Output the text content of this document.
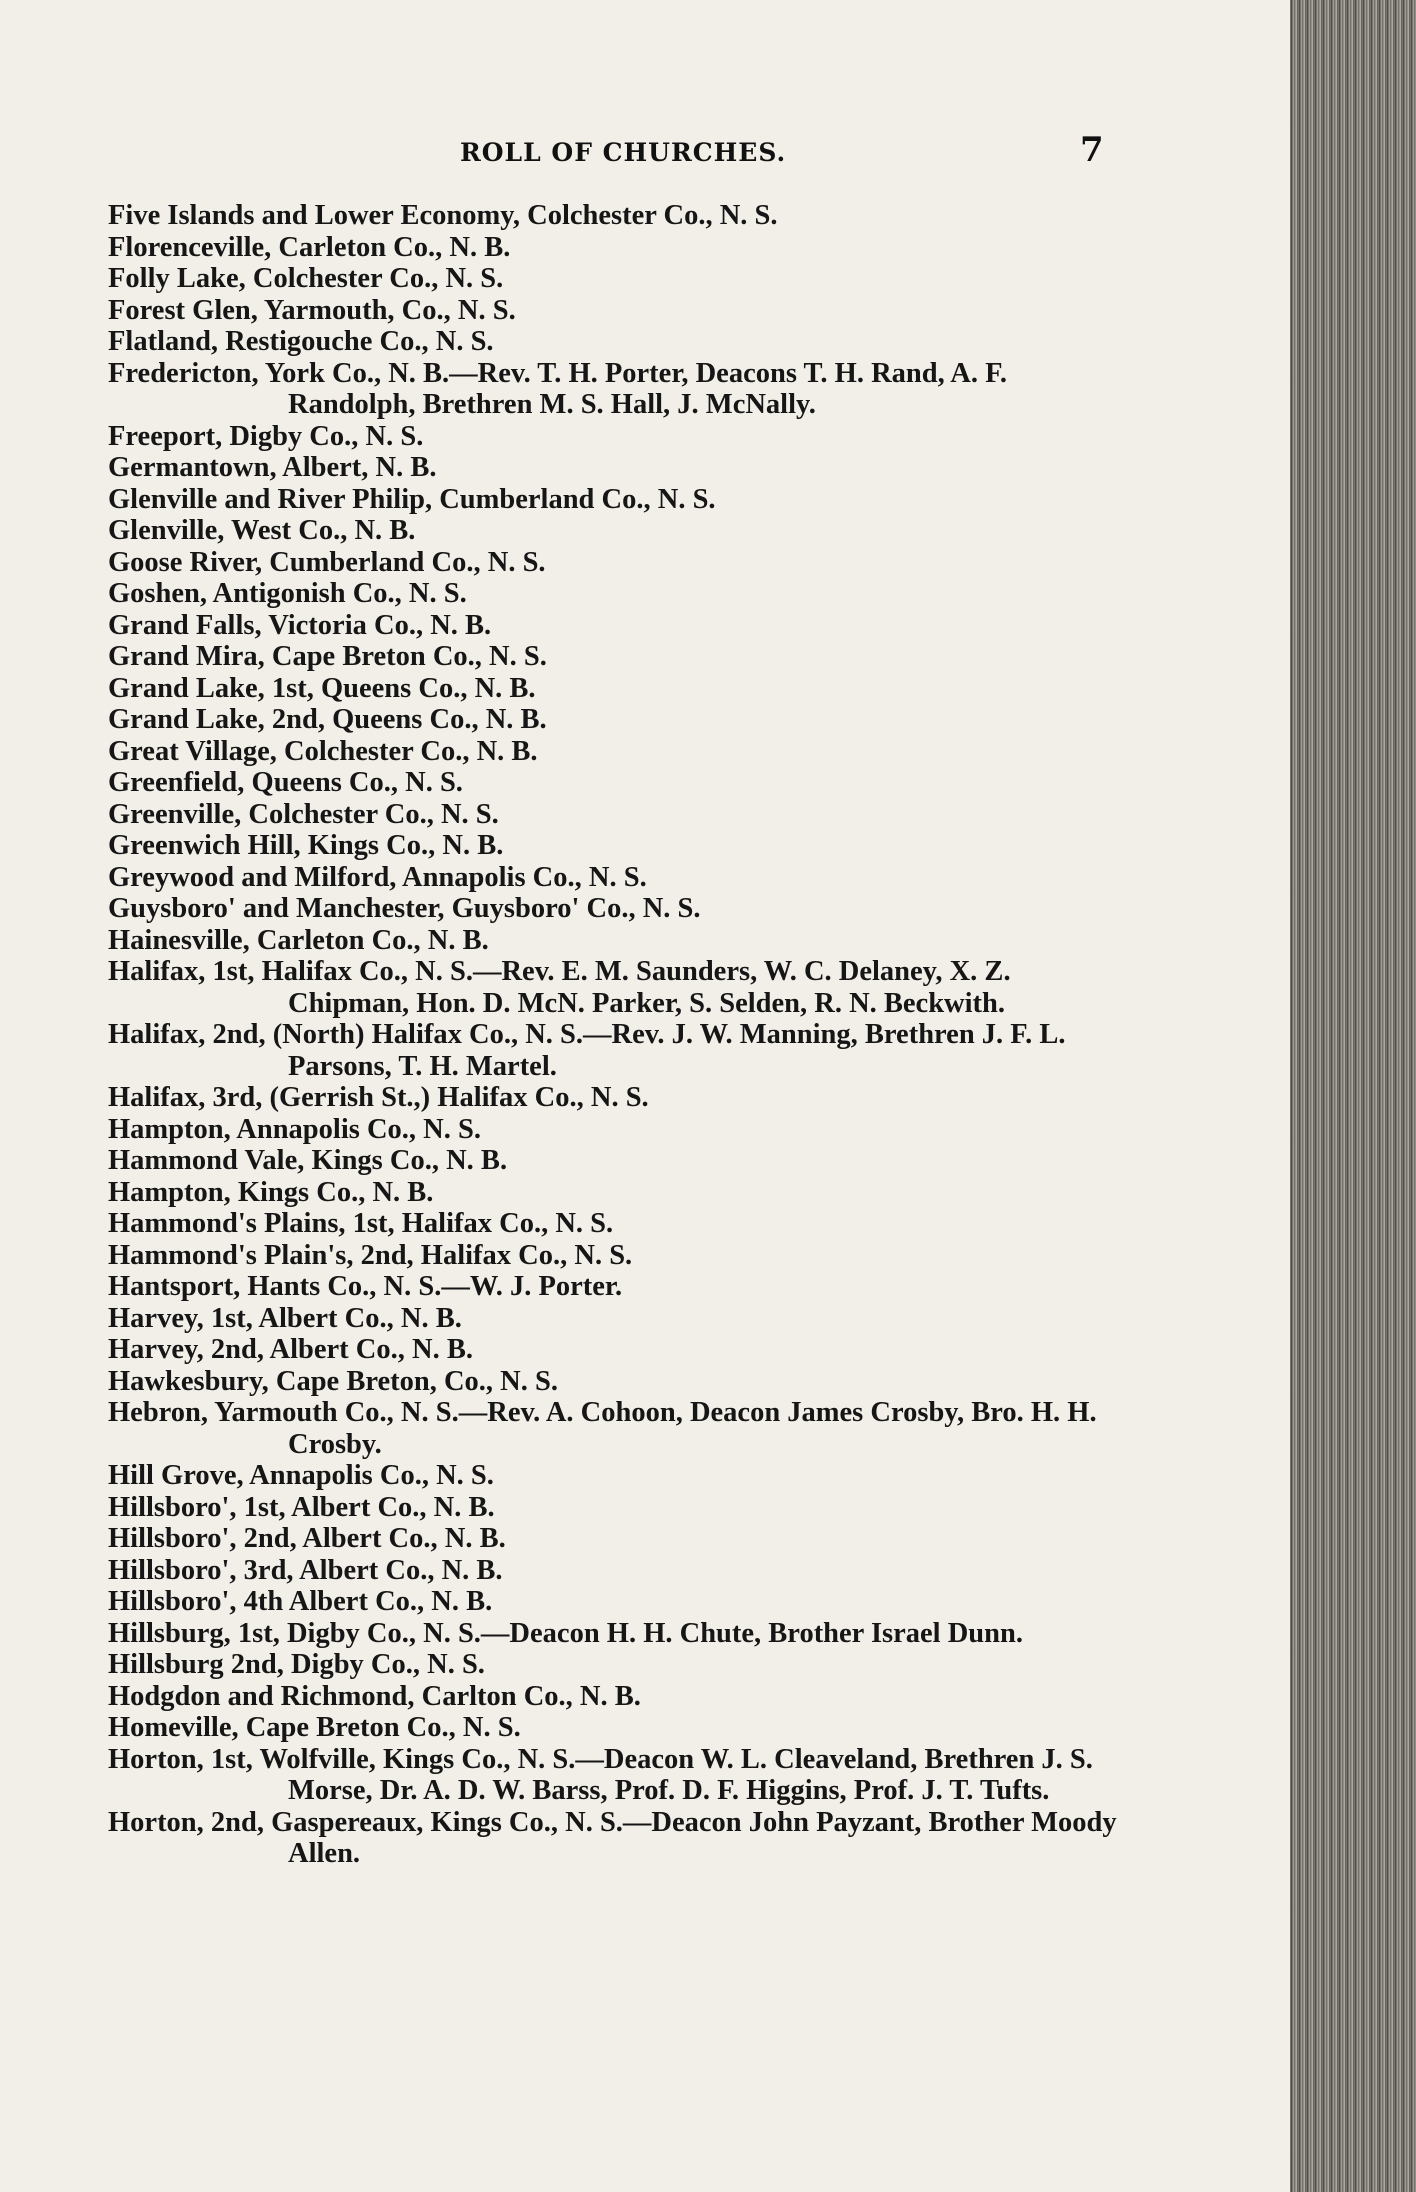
ROLL OF CHURCHES.	7

Five Islands and Lower Economy, Colchester Co., N. S.

Florenceville, Carleton Co., N. B.

Folly Lake, Colchester Co., N. S.

Forest Glen, Yarmouth, Co., N. S.

Flatland, Restigouche Co., N. S.

Fredericton, York Co., N. B.—Rev. T. H. Porter, Deacons T. H. Rand, A. F. Randolph, Brethren M. S. Hall, J. McNally.

Freeport, Digby Co., N. S.

Germantown, Albert, N. B.

Glenville and River Philip, Cumberland Co., N. S.

Glenville, West Co., N. B.

Goose River, Cumberland Co., N. S.

Goshen, Antigonish Co., N. S.

Grand Falls, Victoria Co., N. B.

Grand Mira, Cape Breton Co., N. S.

Grand Lake, 1st, Queens Co., N. B.

Grand Lake, 2nd, Queens Co., N. B.

Great Village, Colchester Co., N. B.

Greenfield, Queens Co., N. S.

Greenville, Colchester Co., N. S.

Greenwich Hill, Kings Co., N. B.

Greywood and Milford, Annapolis Co., N. S.

Guysboro' and Manchester, Guysboro' Co., N. S.

Hainesville, Carleton Co., N. B.

Halifax, 1st, Halifax Co., N. S.—Rev. E. M. Saunders, W. C. Delaney, X. Z. Chipman, Hon. D. McN. Parker, S. Selden, R. N. Beckwith.

Halifax, 2nd, (North) Halifax Co., N. S.—Rev. J. W. Manning, Brethren J. F. L. Parsons, T. H. Martel.

Halifax, 3rd, (Gerrish St.,) Halifax Co., N. S.

Hampton, Annapolis Co., N. S.

Hammond Vale, Kings Co., N. B.

Hampton, Kings Co., N. B.

Hammond's Plains, 1st, Halifax Co., N. S.

Hammond's Plain's, 2nd, Halifax Co., N. S.

Hantsport, Hants Co., N. S.—W. J. Porter.

Harvey, 1st, Albert Co., N. B.

Harvey, 2nd, Albert Co., N. B.

Hawkesbury, Cape Breton, Co., N. S.

Hebron, Yarmouth Co., N. S.—Rev. A. Cohoon, Deacon James Crosby, Bro. H. H. Crosby.

Hill Grove, Annapolis Co., N. S.

Hillsboro', 1st, Albert Co., N. B.

Hillsboro', 2nd, Albert Co., N. B.

Hillsboro', 3rd, Albert Co., N. B.

Hillsboro', 4th Albert Co., N. B.

Hillsburg, 1st, Digby Co., N. S.—Deacon H. H. Chute, Brother Israel Dunn.

Hillsburg 2nd, Digby Co., N. S.

Hodgdon and Richmond, Carlton Co., N. B.

Homeville, Cape Breton Co., N. S.

Horton, 1st, Wolfville, Kings Co., N. S.—Deacon W. L. Cleaveland, Brethren J. S. Morse, Dr. A. D. W. Barss, Prof. D. F. Higgins, Prof. J. T. Tufts.

Horton, 2nd, Gaspereaux, Kings Co., N. S.—Deacon John Payzant, Brother Moody Allen.
